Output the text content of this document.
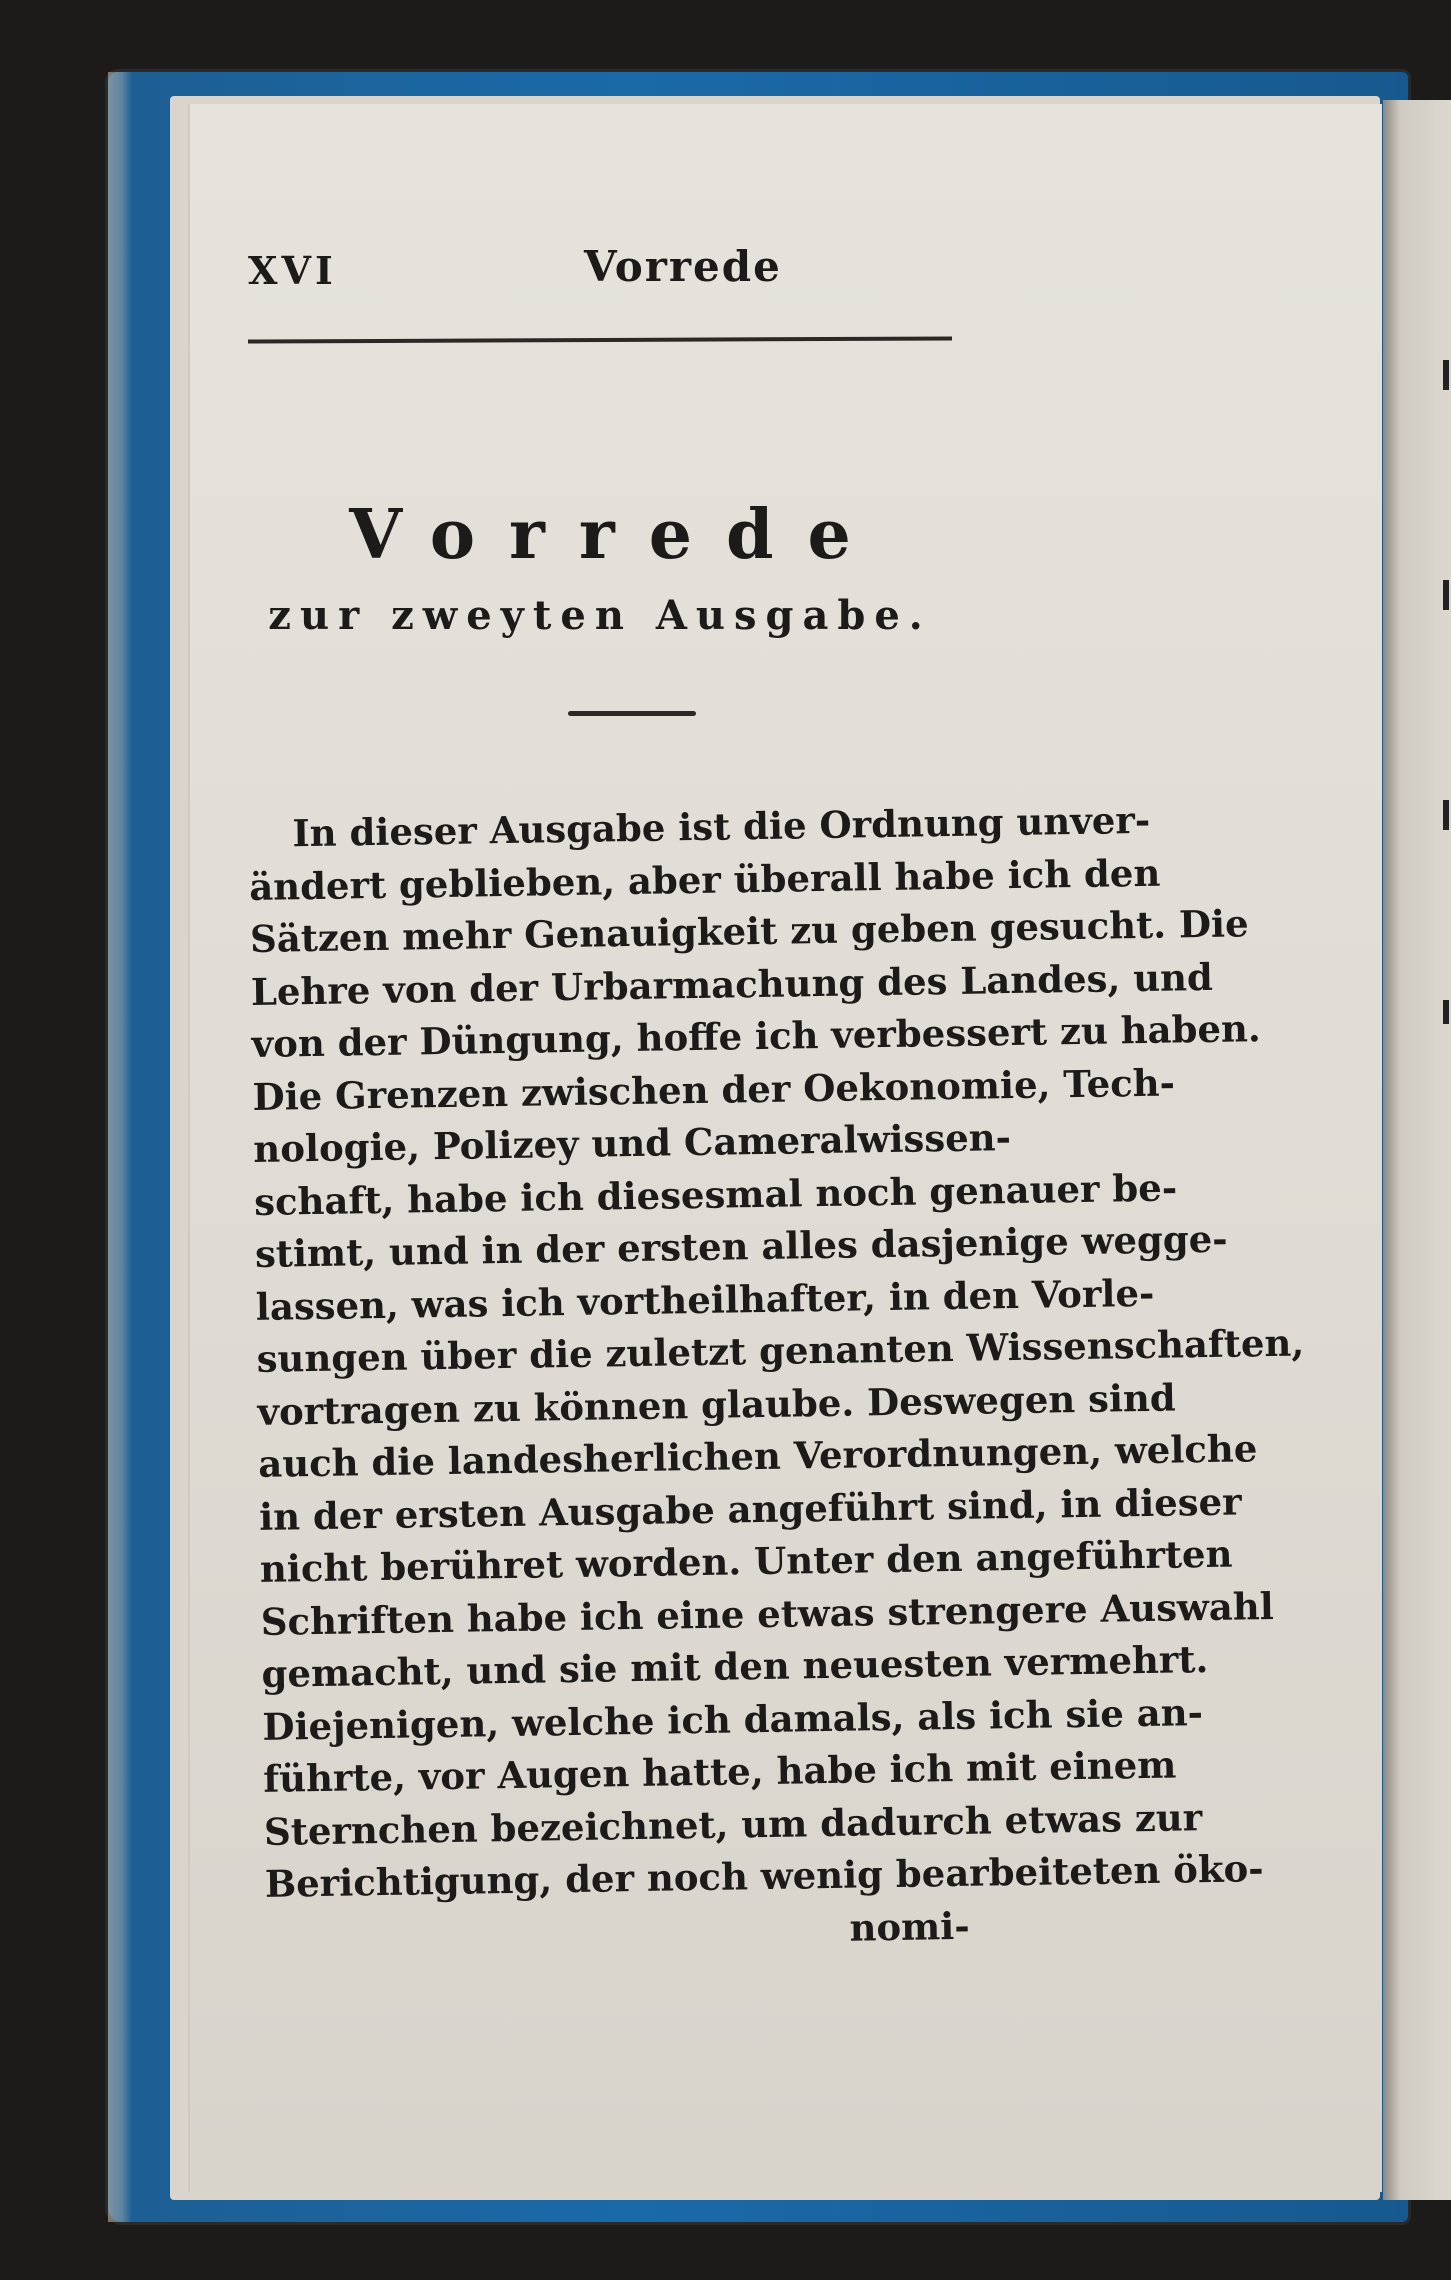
XVI	Vorrede
Vorrede
zur zweyten Ausgabe.
In dieser Ausgabe ist die Ordnung unver-
ändert geblieben, aber überall habe ich den
Sätzen mehr Genauigkeit zu geben gesucht. Die
Lehre von der Urbarmachung des Landes, und
von der Düngung, hoffe ich verbessert zu haben.
Die Grenzen zwischen der Oekonomie, Tech-
nologie, Polizey und Cameralwissen-
schaft, habe ich diesesmal noch genauer be-
stimt, und in der ersten alles dasjenige wegge-
lassen, was ich vortheilhafter, in den Vorle-
sungen über die zuletzt genanten Wissenschaften,
vortragen zu können glaube. Deswegen sind
auch die landesherlichen Verordnungen, welche
in der ersten Ausgabe angeführt sind, in dieser
nicht berühret worden. Unter den angeführten
Schriften habe ich eine etwas strengere Auswahl
gemacht, und sie mit den neuesten vermehrt.
Diejenigen, welche ich damals, als ich sie an-
führte, vor Augen hatte, habe ich mit einem
Sternchen bezeichnet, um dadurch etwas zur
Berichtigung, der noch wenig bearbeiteten öko-
nomi-
